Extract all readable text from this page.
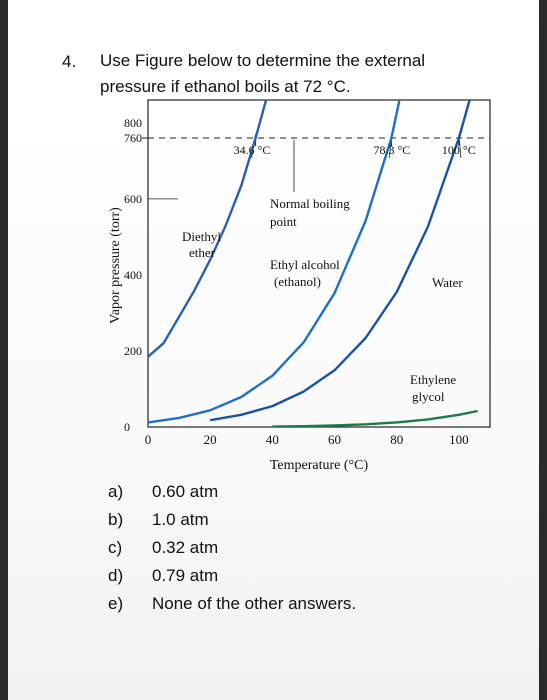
4. Use Figure below to determine the external pressure if ethanol boils at 72 °C.
0
200
400
600
760
800
0	20	40	60	80	100
Temperature (°C)
Vapor pressure (torr)
34.6 °C	78.3 °C	100 °C
Normal boiling
point
Diethyl
ether
Ethyl alcohol
(ethanol)	Water
Ethylene
glycol
a)	0.60 atm
b)	1.0 atm
c)	0.32 atm
d)	0.79 atm
e)	None of the other answers.
